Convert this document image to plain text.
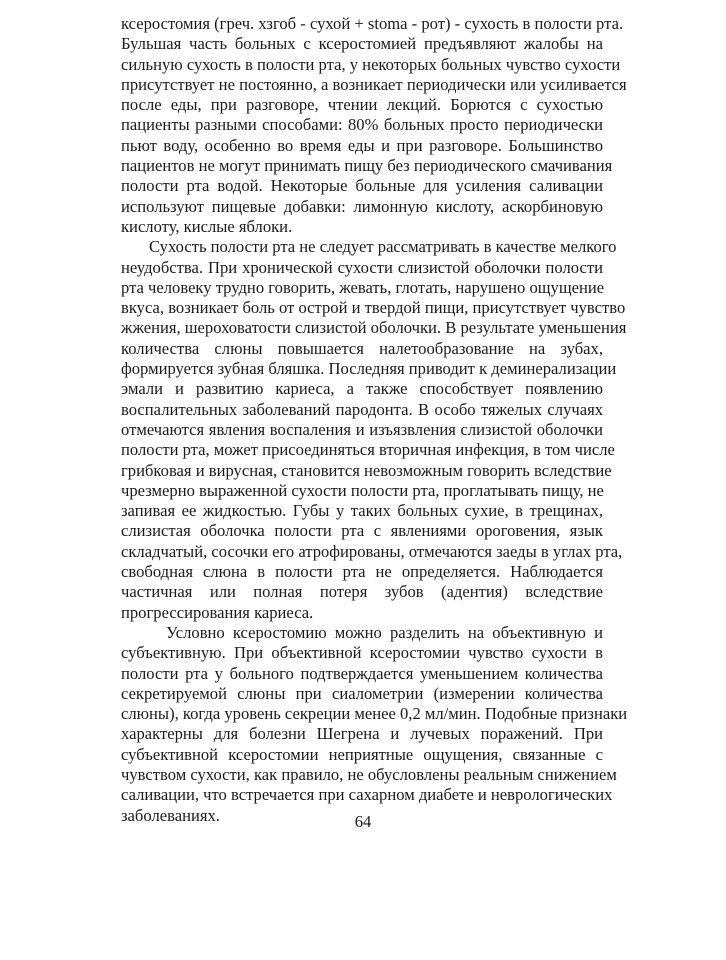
ксеростомия (греч. хзгоб - сухой + stoma - рот) - сухость в полости рта.
Бульшая часть больных с ксеростомией предъявляют жалобы на
сильную сухость в полости рта, у некоторых больных чувство сухости
присутствует не постоянно, а возникает периодически или усиливается
после еды, при разговоре, чтении лекций. Борются с сухостью
пациенты разными способами: 80% больных просто периодически
пьют воду, особенно во время еды и при разговоре. Большинство
пациентов не могут принимать пищу без периодического смачивания
полости рта водой. Некоторые больные для усиления саливации
используют пищевые добавки: лимонную кислоту, аскорбиновую
кислоту, кислые яблоки.
Сухость полости рта не следует рассматривать в качестве мелкого
неудобства. При хронической сухости слизистой оболочки полости
рта человеку трудно говорить, жевать, глотать, нарушено ощущение
вкуса, возникает боль от острой и твердой пищи, присутствует чувство
жжения, шероховатости слизистой оболочки. В результате уменьшения
количества слюны повышается налетообразование на зубах,
формируется зубная бляшка. Последняя приводит к деминерализации
эмали и развитию кариеса, а также способствует появлению
воспалительных заболеваний пародонта. В особо тяжелых случаях
отмечаются явления воспаления и изъязвления слизистой оболочки
полости рта, может присоединяться вторичная инфекция, в том числе
грибковая и вирусная, становится невозможным говорить вследствие
чрезмерно выраженной сухости полости рта, проглатывать пищу, не
запивая ее жидкостью. Губы у таких больных сухие, в трещинах,
слизистая оболочка полости рта с явлениями ороговения, язык
складчатый, сосочки его атрофированы, отмечаются заеды в углах рта,
свободная слюна в полости рта не определяется. Наблюдается
частичная или полная потеря зубов (адентия) вследствие
прогрессирования кариеса.
Условно ксеростомию можно разделить на объективную и
субъективную. При объективной ксеростомии чувство сухости в
полости рта у больного подтверждается уменьшением количества
секретируемой слюны при сиалометрии (измерении количества
слюны), когда уровень секреции менее 0,2 мл/мин. Подобные признаки
характерны для болезни Шегрена и лучевых поражений. При
субъективной ксеростомии неприятные ощущения, связанные с
чувством сухости, как правило, не обусловлены реальным снижением
саливации, что встречается при сахарном диабете и неврологических
заболеваниях.	64
